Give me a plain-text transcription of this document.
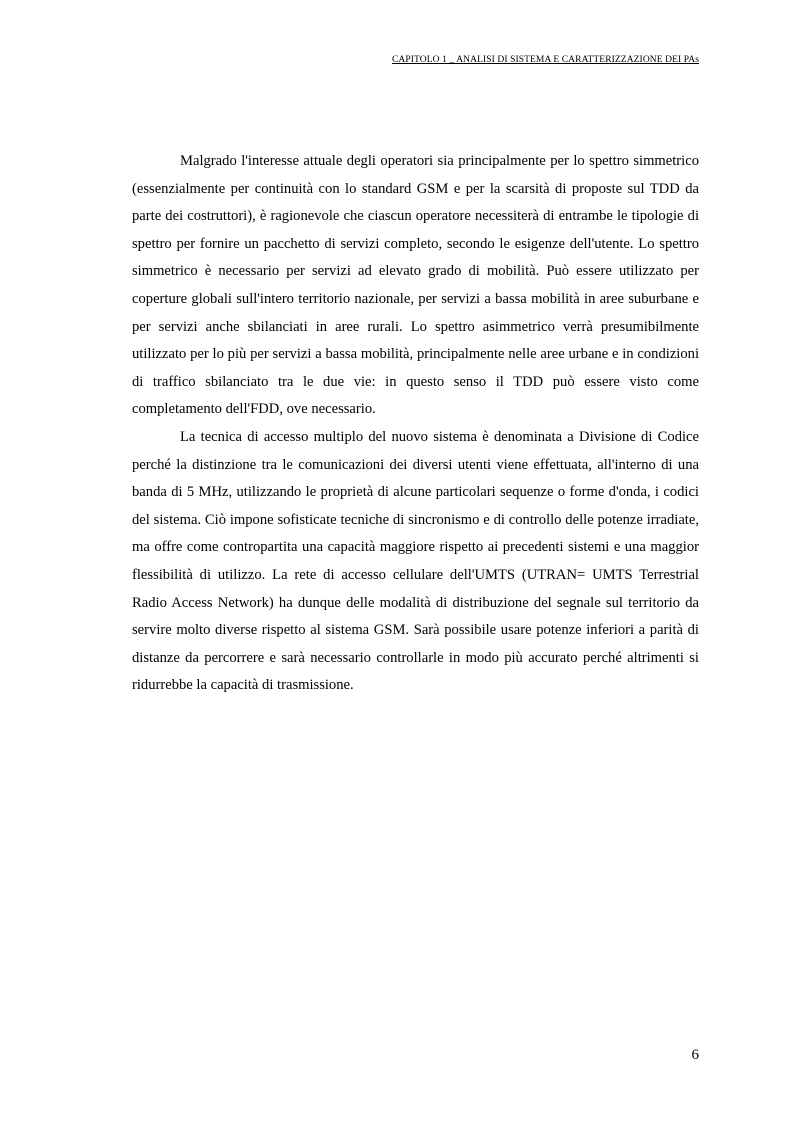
CAPITOLO 1 _ ANALISI DI SISTEMA E CARATTERIZZAZIONE DEI PAs

Malgrado l'interesse attuale degli operatori sia principalmente per lo spettro simmetrico (essenzialmente per continuità con lo standard GSM e per la scarsità di proposte sul TDD da parte dei costruttori), è ragionevole che ciascun operatore necessiterà di entrambe le tipologie di spettro per fornire un pacchetto di servizi completo, secondo le esigenze dell'utente. Lo spettro simmetrico è necessario per servizi ad elevato grado di mobilità. Può essere utilizzato per coperture globali sull'intero territorio nazionale, per servizi a bassa mobilità in aree suburbane e per servizi anche sbilanciati in aree rurali. Lo spettro asimmetrico verrà presumibilmente utilizzato per lo più per servizi a bassa mobilità, principalmente nelle aree urbane e in condizioni di traffico sbilanciato tra le due vie: in questo senso il TDD può essere visto come completamento dell'FDD, ove necessario.

La tecnica di accesso multiplo del nuovo sistema è denominata a Divisione di Codice perché la distinzione tra le comunicazioni dei diversi utenti viene effettuata, all'interno di una banda di 5 MHz, utilizzando le proprietà di alcune particolari sequenze o forme d'onda, i codici del sistema. Ciò impone sofisticate tecniche di sincronismo e di controllo delle potenze irradiate, ma offre come contropartita una capacità maggiore rispetto ai precedenti sistemi e una maggior flessibilità di utilizzo. La rete di accesso cellulare dell'UMTS (UTRAN= UMTS Terrestrial Radio Access Network) ha dunque delle modalità di distribuzione del segnale sul territorio da servire molto diverse rispetto al sistema GSM. Sarà possibile usare potenze inferiori a parità di distanze da percorrere e sarà necessario controllarle in modo più accurato perché altrimenti si ridurrebbe la capacità di trasmissione.

6
